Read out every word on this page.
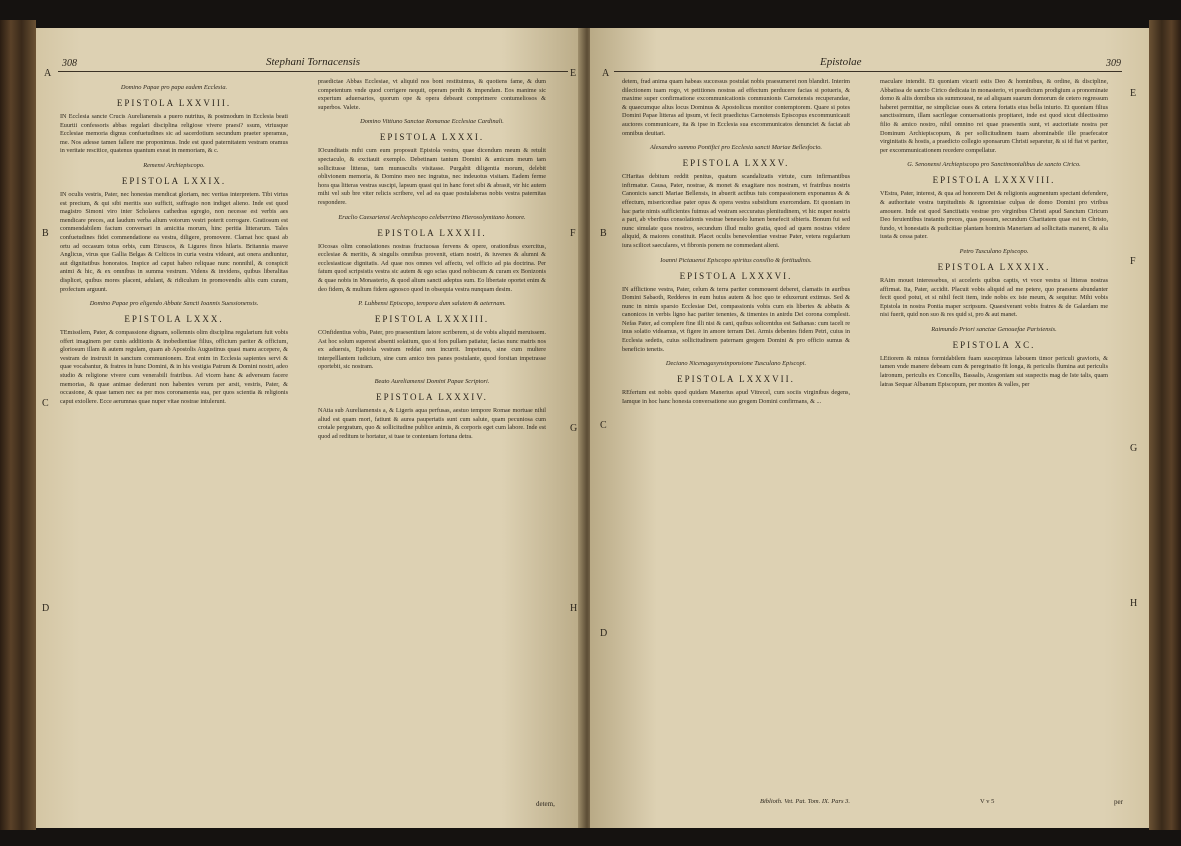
308	Stephani Tornacensis
A
B
C
D
E
F
G
H
Domino Papae pro papa eadem Ecclesia.
EPISTOLA LXXVIII.

IN Ecclesia sancte Crucis Aurelianensis a puero nutritus, & postmodum in Ecclesia beati Euurtii confessoris abbas regulari disciplina religiose vivere praesi? ssum, vtriusque Ecclesiae memoria dignus confuetudines sic ad sacerdotium secundum praeter speramus, me. Nos adesse tamen fallere me proponimus. Inde est quod paternitatem vestram oramus in veritate rescitice, quatenus quantum exeat in memoriam, & c.

Remensi Archiepiscopo.
EPISTOLA LXXIX.

IN oculis vestris, Pater, nec honestas mendicat gloriam, nec veritas interpretem. Tibi virtus est precium, & qui sibi meritis suo sufficit, suffragio non indiget alieno. Inde est quod magistro Simoni viro inter Scholares cathedras egregio, non necesse est verbis aes mendicare preces, aut laudum verba alium votorum vestri poterit corrogare. Gratiosum est commendabilem facium conversari in amicitia morum, hinc peritia litterarum. Tales confuetudines fidei commendatione ea vestra, diligere, promovere. Clamat hoc quasi ab ortu ad occasum totus orbis, cum Etruscos, & Ligures finos hilaris. Britannia masve Anglicus, virus que Gallia Belgas & Celticos in curia vestra videant, aut onera andiuntur, aut dignitatibus honoratos. Inspice ad caput habeo reliquae nunc nonnihil, & conspicit animi & hic, & ex omnibus in summa vestrum. Videns & invidens, quibus liberalitas displicet, quibus mores placent, adulant, & ridiculum in promovendis aliis cum curam, profectum arguunt.

Domino Papae pro eligendo Abbate Sancti Ioannis Suessionensis.
EPISTOLA LXXX.

TEmissilem, Pater, & compassione dignam, sollemnis olim disciplina regularium fuit vobis offert imaginem per cunis additionis & inobedientiae filius, officium pariter & officium, gloriosum illam & autem regulam, quam ab Apostolis Augustinus quasi manu accepere, & vestram de instruxit in sanctum communionem. Erat enim in Ecclesia sapientes servi & quae vocabantur, & fratres in hunc Domini, & in his vestigia Patrum & Domini nostri, adeo studio & religione vivere cum venerabili fratribus. Ad vicem hanc & adversum facere memorias, & quae animae dederunt non habentes verum per arsit, vestris, Pater, & occasione, & quae tamen nec ea per mos coronamenta sua, per quos scientia & religionis caput extollere. Ecce aerumnas quae nuper vitae nostrae intulerunt.

praedictae Abbas Ecclesiae, vt aliquid nos boni restituimus, & quotiens fame, & dum competentum vnde quod corrigere nequit, operam perdit & impendam. Eos manime sic expertum aduersarios, quorum ope & opera debeant comprimere contumeliosos & superbos. Valete.

Domino Vittiuno Sanctae Romanae Ecclesiae Cardinali.
EPISTOLA LXXXI.

IOcunditatis mihi cum eum proposuit Epistola vestra, quae dicendum meum & retulit spectaculo, & excitauit exemplo. Debetinam tantum Domini & amicum meum tam sollicitusse litteras, tam munusculis visitasse. Purgabit diligentia morum, delebit oblivionem memoria, & Domino meo nec ingratus, nec indeuotus visitam. Eadem ferme hora qua litteras vestras suscipi, lapsum quasi qui in hanc foret sibi & abrasit, vir hic autem mihi vel sub bre viter relicis scribere, vel ad ea quae postulaberas nobis vestra paternitas respondere.

Eraclio Caesariensi Archiepiscopo celeberrimo Hierosolymitano honore.
EPISTOLA LXXXII.

IOcosas olim consolationes nostras fructuosas fervens & opere, orationibus exercitus, ecclesiae & meritis, & singulis omnibus provenit, etiam nostri, & iuvenes & alumni & ecclesiasticae dignitatis. Ad quae nos omnes vel affectu, vel officio ad pia doctrina. Per fatum quod scripsistis vestra sic autem & ego scias quod nobiscum & curam ex Bonizonis & quae nobis in Monasterio, & quod alium sancti adeptus sum. Eo libertate oportet enim & deo fidem, & multum fidem agnosco quod in obsequia vestra nunquam desim.

P. Lubbensi Episcopo, tempora dum salutem & aeternam.
EPISTOLA LXXXIII.

COnfidentius vobis, Pater, pro praesentium latore scriberem, si de vobis aliquid meruissem. Ast hoc solum superest absenti solatium, quo si fors pullam patiatur, facias nunc matris nos ex aduersis, Epistola vestram reddat non incurrit. Impetrans, sine cum multere interpelllantem iudicium, sine cum amico tres panes postulante, quod forsitan impetrasse oportebit, sic nostram.

Beato Aureliamensi Domini Papae Scriptori.
EPISTOLA LXXXIV.

NAtia sub Aureliamensis a, & Ligeris aqua perfusas, aestuo tempore Romae mortuae nihil aliud est quam mori, fatiunt & aurea paupertatis sunt cum salute, quam pecuniosa cum crotale pergratum, quo & sollicitudine publice animis, & corporis eget cum labore. Inde est quod ad reditum te hortatur, si tuae te contentam fortuna detra.

detem,
Epistolae	309
A
B
C
D
E
F
G
H

detem, frad anima quam habeas successus postulat nobis praesumeret non blandiri. Interim dilectionem tuam rogo, vt petitiones nostras ad effectum perducere facias si potueris, & maxime super confirmatione excommunicationis communionis Carnotensis recuperandae, & quaecumque alius locus Dominus & Apostolicus monitor contemptorem. Quare si potes Domini Papae litteras ad ipsum, vt fecit praedictus Carnotensis Episcopus excommunicauit auctores communicare, ita & ipse in Ecclesia sua excommunicatos denunciet & faciat ab omnibus deuitari.

Alexandro summo Pontifici pro Ecclesia sancti Mariae Bellesfocio.
EPISTOLA LXXXV.

CHaritas debitum reddit penitus, quatum scandalizatis virtute, cum infirmantibus infirmatur. Causa, Pater, nostrae, & monet & exagitare nos nostram, vt fratribus nostris Canonicis sancti Mariae Bellensis, in abuerit actibus tuis compassionem exponamus & & effectum, misericordiae pater opus & opera vestra subsidium exercendam. Et quoniam in hac parte nimis sufficientes fuimus ad vestram seccuratus plenitudinem, vt hic nuper nostris a pari, ab vberibus consolationis vestrae beneuolo lumen benefecit sibieris. Bonum fui sed nunc simulate quos nostros, secundum illud multo gratia, quod ad quem nostras videre aliquid, & maiores constituit. Placet oculis benevolentiae vestrae Pater, vetera regularium iura scilicet saeculares, vt fibronis ponem ne commedant alieni.

Ioanni Pictauensi Episcopo spiritus consilio & fortitudinis.
EPISTOLA LXXXVI.

IN afflictione vestra, Pater, celum & terra pariter commouent deberet, clamatis in auribus Domini Sabaoth, Redderes in eum huius autem & hoc quo te eduxerunt extimus. Sed & nunc in nimis sparsio Ecclesiae Dei, compassionis vobis cum eis libertes & abbatis & canonicos in verbis ligno hac pariter tenentes, & timentes in anirdu Dei corona complesit. Nefas Pater, ad complere fine illi nisi & cani, quibus solicentdus est Sathanas: cum taceli re inus solatio videamus, vt figere in amore terram Dei. Armis debentes fidem Petri, cuius in Ecclesia sedetis, cuius sollicitudinem paternam gregem Domini & pro officio sumus & beneficio tenetis.

Deciano Nicenagasynsinponsione Tusculano Episcopi.
EPISTOLA LXXXVII.

REfertum est nobis quod quidam Manerius apud Vitrecel, cum sociis virginibus degens, Iamque in hoc hanc honesta conversatione suo gregem Domini confirmans, & ...

maculare intendit. Et quoniam vicarii estis Deo & hominibus, & ordine, & discipline, Abbatissa de sancto Cirico dedicata in monasterio, vt praedictum prodigium a pronominate domo & aliis domibus sis summoueat, ne ad aliquam suarum domorum de cetero regressum haberet permittar, ne simpliciae oues & cetera fortatis eius bella iniurio. Et quoniam filius sanctissimum, illam sacrilegae conuersationis propitaret, inde est quod sicut dilectissimo filio & amico nostro, nihil omnino rei quae praesentis sunt, vt auctoritate nostra per Dominum Archiepiscopum, & per sollicitudinem tuam abominabile ille praefecator virginitatis & hostis, a praedicto collegio sponsarum Christi separetur, & si id fiat vt pariter, per excommunicationem recedere compellatur.

G. Senonensi Archiepiscopo pro Sanctimonialibus de sancto Cirico.
EPISTOLA LXXXVIII.

VEstra, Pater, interest, & qua ad honorem Dei & religionis augmentum spectant defendere, & authoritate vestra turpitudinis & ignominiae culpas de domo Domini pro viribus amouere. Inde est quod Sanctitatis vestrae pro virginibus Christi apud Sanctum Ciricum Deo feruientibus instantis preces, quas possum, secundum Charitatem quae est in Christo, fundo, vt honestatis & pudicitiae plantam hominis Maneriam ad sollicitatis maneret, & alia iusta & cessa pater.

Petro Tusculano Episcopo.
EPISTOLA LXXXIX.

RAim mouet interessebus, si acceleris quibus captis, vt voce vestra si litteras nostras affirmat. Ita, Pater, accidit. Placuit vobis aliquid ad me petere, quo praesens abundanter fecit quod potui, et si nihil fecit item, inde nobis ex iste meum, & sequitur. Mihi vobis Epistola in nostra Pontia maper scripsum. Quaesiverant vobis fratres & de Galardam me nisi fuerit, quid non suo & res quid si, pro & aut manet.

Raimundo Priori sanctae Genouefae Parisiensis.
EPISTOLA XC.

LEtiorem & minus formidabilem fuam suscepimus labouem timor periculi gravioris, & tamen vnde manere debeam cum & peregrinatio fit longa, & periculis flumina aut periculis latronum, periculis ex Concellis, Bassalis, Aragoniam sui suspectis mag de Iste talis, quam latras Sequar Albanum Episcopum, per montes & valles, per

Biblioth. Vet. Pat. Tom. IX. Pars 3.	V v 5	per
